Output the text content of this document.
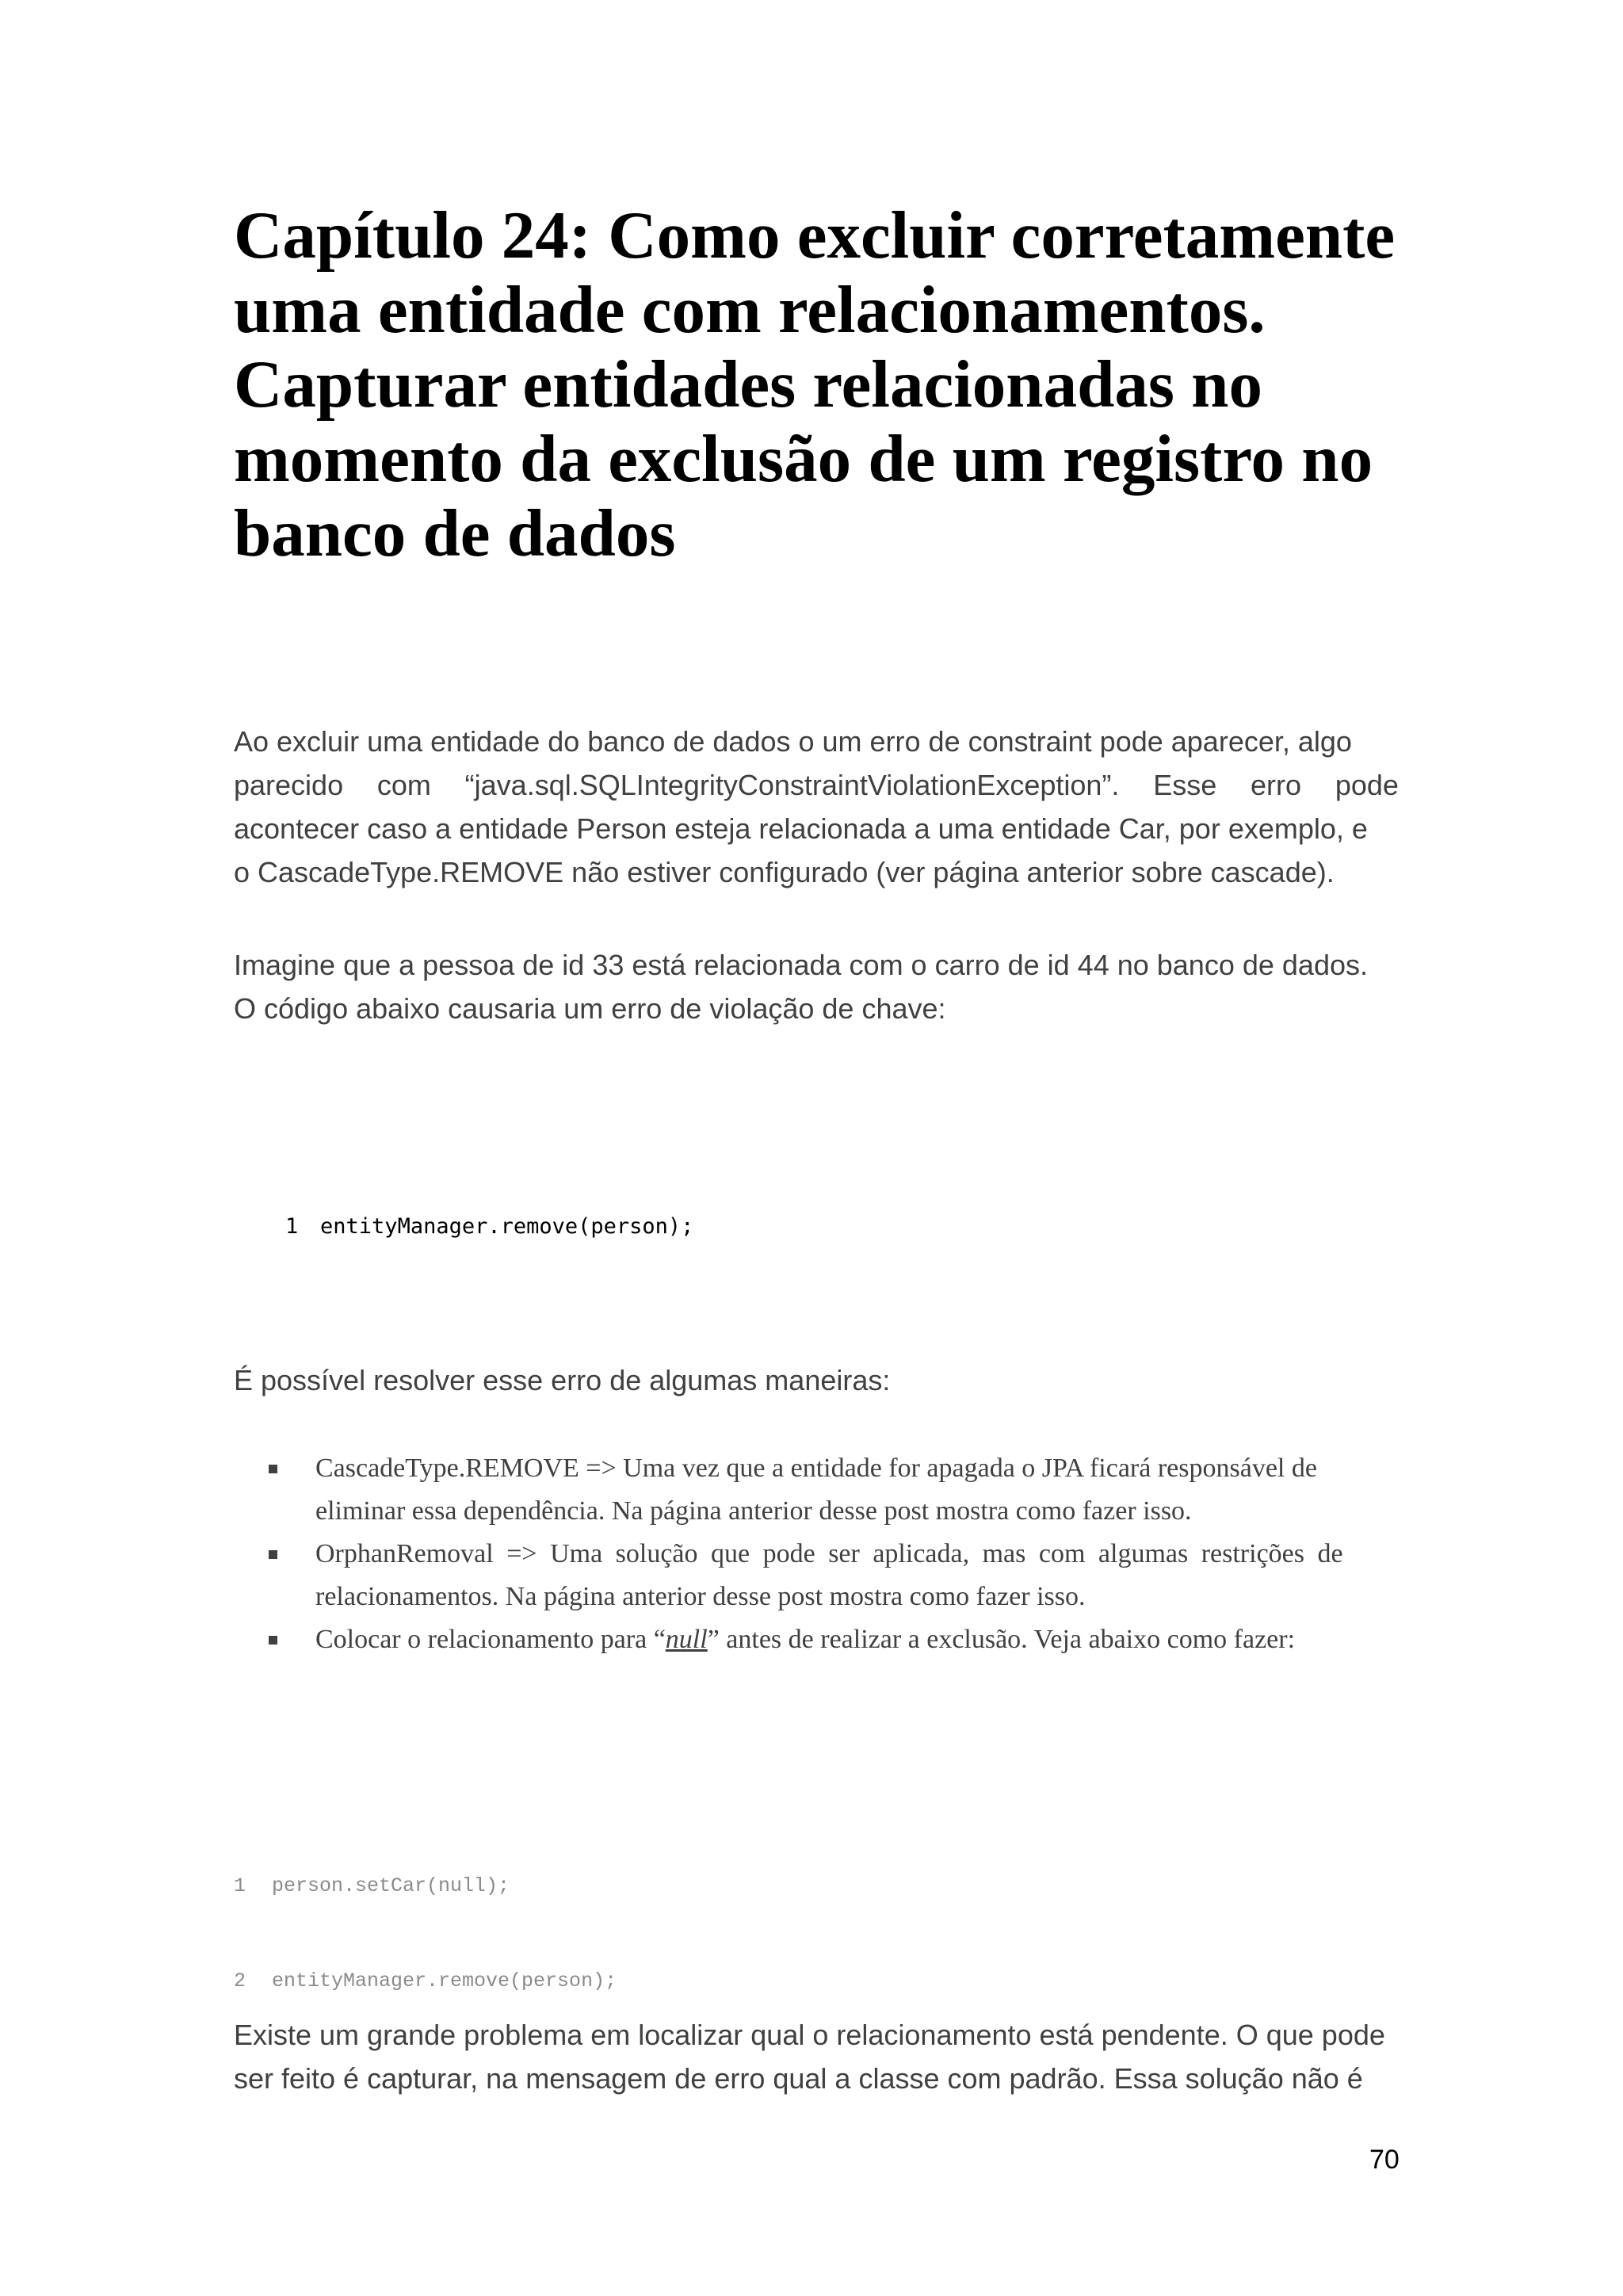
Capítulo 24: Como excluir corretamente
uma entidade com relacionamentos.
Capturar entidades relacionadas no
momento da exclusão de um registro no
banco de dados

Ao excluir uma entidade do banco de dados o um erro de constraint pode aparecer, algo
parecido com “java.sql.SQLIntegrityConstraintViolationException”. Esse erro pode
acontecer caso a entidade Person esteja relacionada a uma entidade Car, por exemplo, e
o CascadeType.REMOVE não estiver configurado (ver página anterior sobre cascade).

Imagine que a pessoa de id 33 está relacionada com o carro de id 44 no banco de dados.
O código abaixo causaria um erro de violação de chave:

1 entityManager.remove(person);

É possível resolver esse erro de algumas maneiras:

CascadeType.REMOVE => Uma vez que a entidade for apagada o JPA ficará responsável de
eliminar essa dependência. Na página anterior desse post mostra como fazer isso.
OrphanRemoval => Uma solução que pode ser aplicada, mas com algumas restrições de
relacionamentos. Na página anterior desse post mostra como fazer isso.
Colocar o relacionamento para “null” antes de realizar a exclusão. Veja abaixo como fazer:

1 person.setCar(null);

2 entityManager.remove(person);

Existe um grande problema em localizar qual o relacionamento está pendente. O que pode
ser feito é capturar, na mensagem de erro qual a classe com padrão. Essa solução não é

70
